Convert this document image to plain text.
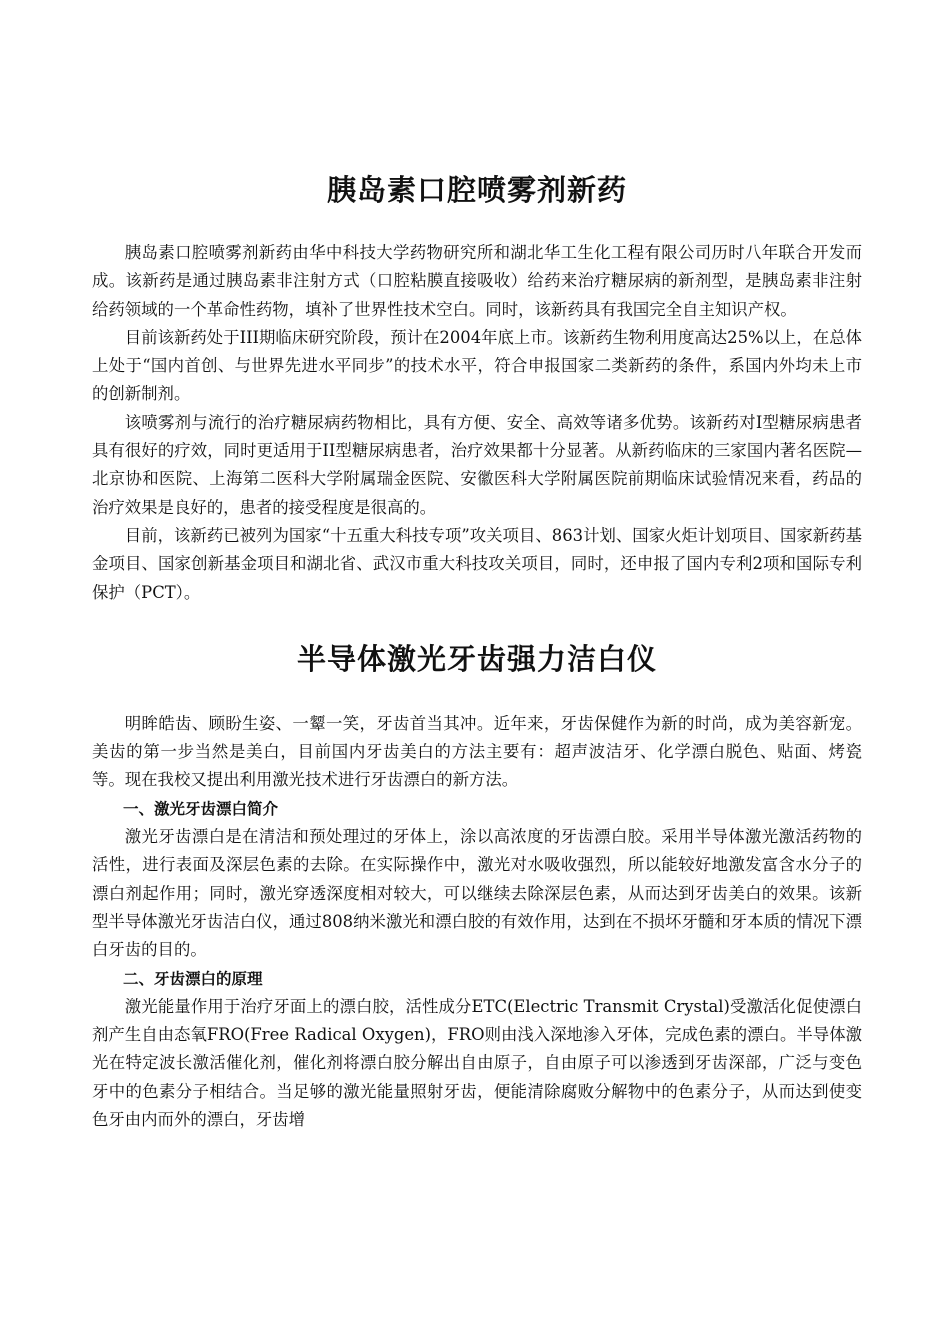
胰岛素口腔喷雾剂新药

胰岛素口腔喷雾剂新药由华中科技大学药物研究所和湖北华工生化工程有限公司历时八年联合开发而成。该新药是通过胰岛素非注射方式（口腔粘膜直接吸收）给药来治疗糖尿病的新剂型，是胰岛素非注射给药领域的一个革命性药物，填补了世界性技术空白。同时，该新药具有我国完全自主知识产权。

目前该新药处于III期临床研究阶段，预计在2004年底上市。该新药生物利用度高达25%以上，在总体上处于“国内首创、与世界先进水平同步”的技术水平，符合申报国家二类新药的条件，系国内外均未上市的创新制剂。

该喷雾剂与流行的治疗糖尿病药物相比，具有方便、安全、高效等诸多优势。该新药对I型糖尿病患者具有很好的疗效，同时更适用于II型糖尿病患者，治疗效果都十分显著。从新药临床的三家国内著名医院—北京协和医院、上海第二医科大学附属瑞金医院、安徽医科大学附属医院前期临床试验情况来看，药品的治疗效果是良好的，患者的接受程度是很高的。

目前，该新药已被列为国家“十五重大科技专项”攻关项目、863计划、国家火炬计划项目、国家新药基金项目、国家创新基金项目和湖北省、武汉市重大科技攻关项目，同时，还申报了国内专利2项和国际专利保护（PCT）。

半导体激光牙齿强力洁白仪

明眸皓齿、顾盼生姿、一颦一笑，牙齿首当其冲。近年来，牙齿保健作为新的时尚，成为美容新宠。美齿的第一步当然是美白，目前国内牙齿美白的方法主要有：超声波洁牙、化学漂白脱色、贴面、烤瓷等。现在我校又提出利用激光技术进行牙齿漂白的新方法。

一、激光牙齿漂白简介

激光牙齿漂白是在清洁和预处理过的牙体上，涂以高浓度的牙齿漂白胶。采用半导体激光激活药物的活性，进行表面及深层色素的去除。在实际操作中，激光对水吸收强烈，所以能较好地激发富含水分子的漂白剂起作用；同时，激光穿透深度相对较大，可以继续去除深层色素，从而达到牙齿美白的效果。该新型半导体激光牙齿洁白仪，通过808纳米激光和漂白胶的有效作用，达到在不损坏牙髓和牙本质的情况下漂白牙齿的目的。

二、牙齿漂白的原理

激光能量作用于治疗牙面上的漂白胶，活性成分ETC(Electric Transmit Crystal)受激活化促使漂白剂产生自由态氧FRO(Free Radical Oxygen)，FRO则由浅入深地渗入牙体，完成色素的漂白。半导体激光在特定波长激活催化剂，催化剂将漂白胶分解出自由原子，自由原子可以渗透到牙齿深部，广泛与变色牙中的色素分子相结合。当足够的激光能量照射牙齿，便能清除腐败分解物中的色素分子，从而达到使变色牙由内而外的漂白，牙齿增
